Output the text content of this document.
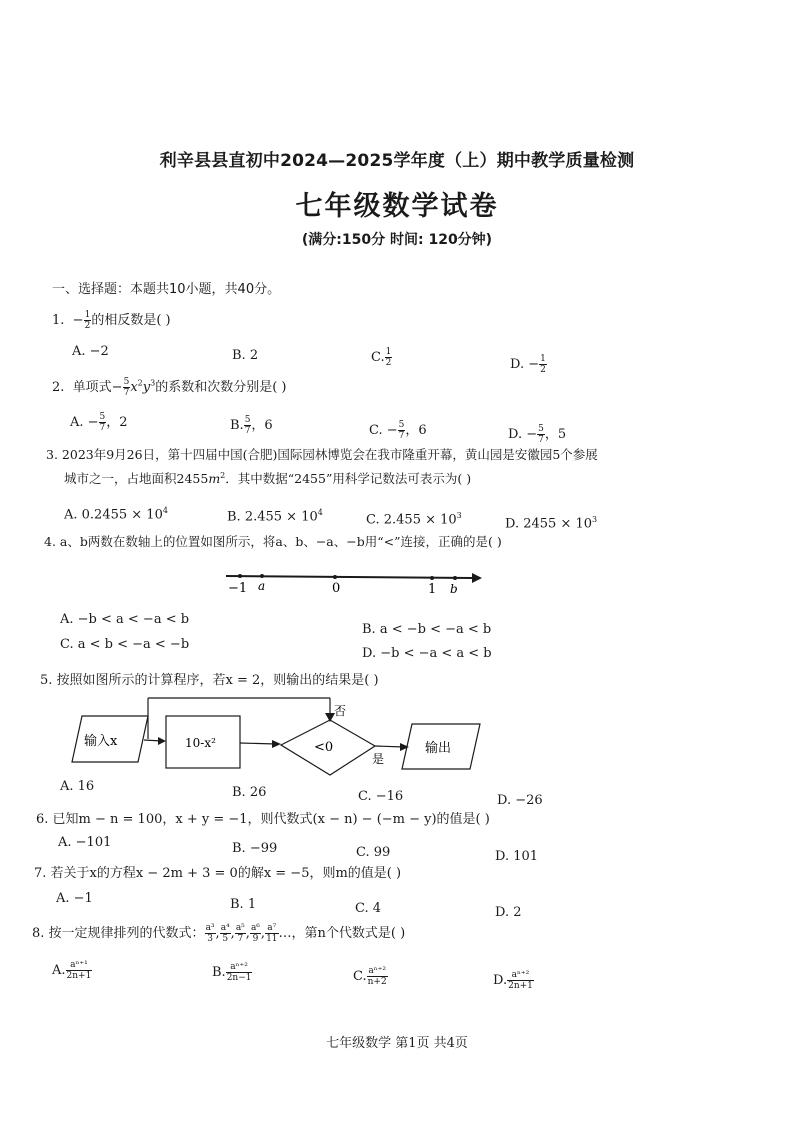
利辛县县直初中2024—2025学年度（上）期中教学质量检测
七年级数学试卷
(满分:150分 时间: 120分钟)
一、选择题：本题共10小题，共40分。
1. − $\frac{1}{2}$ 的相反数是( )
A. −2	B. 2	C. $\frac{1}{2}$	D. − $\frac{1}{2}$
2. 单项式− $\frac{5}{7} x^2y^3$的系数和次数分别是( )
A. − $\frac{5}{7}$ ，2	B. $\frac{5}{7}$ ，6	C. − $\frac{5}{7}$ ，6	D. − $\frac{5}{7}$ ，5
3. 2023年9月26日，第十四届中国(合肥)国际园林博览会在我市隆重开幕，黄山园是安徽园5个参展
城市之一，占地面积$2455m^2$．其中数据“2455”用科学记数法可表示为( )
A. $0.2455 \times 10^4$	B. $2.455 \times 10^4$	C. $2.455 \times 10^3$
D. $2455 \times 10^3$
4. a、b两数在数轴上的位置如图所示，将a、b、−a、−b用“<”连接，正确的是( )
−1 a	0	1 b
A. −b < a < −a < b
B. a < −b < −a < b
C. a < b < −a < −b
D. −b < −a < a < b
5. 按照如图所示的计算程序，若x = 2，则输出的结果是( )
输入x	10-x²	<0
否
是
输出
A. 16	B. 26	C. −16	D. −26
6. 已知m − n = 100，x + y = −1，则代数式(x − n) − (−m − y)的值是( )
A. −101	B. −99	C. 99	D. 101
7. 若关于x的方程x − 2m + 3 = 0的解x = −5，则m的值是( )
A. −1	B. 1	C. 4	D. 2
8. 按一定规律排列的代数式： $\frac{\text{a³}}{3}$ , $\frac{\text{a⁴}}{5}$ , $\frac{\text{a⁵}}{7}$ , $\frac{\text{a⁶}}{9}$ , $\frac{\text{a⁷}}{11}$ …，第n个代数式是( )
A. $\frac{\text{aⁿ⁺¹}}{2n+1}$	B. $\frac{\text{aⁿ⁺²}}{2n-1}$	C. $\frac{\text{aⁿ⁺²}}{n+2}$	D. $\frac{\text{aⁿ⁺²}}{2n+1}$
七年级数学 第1页 共4页
